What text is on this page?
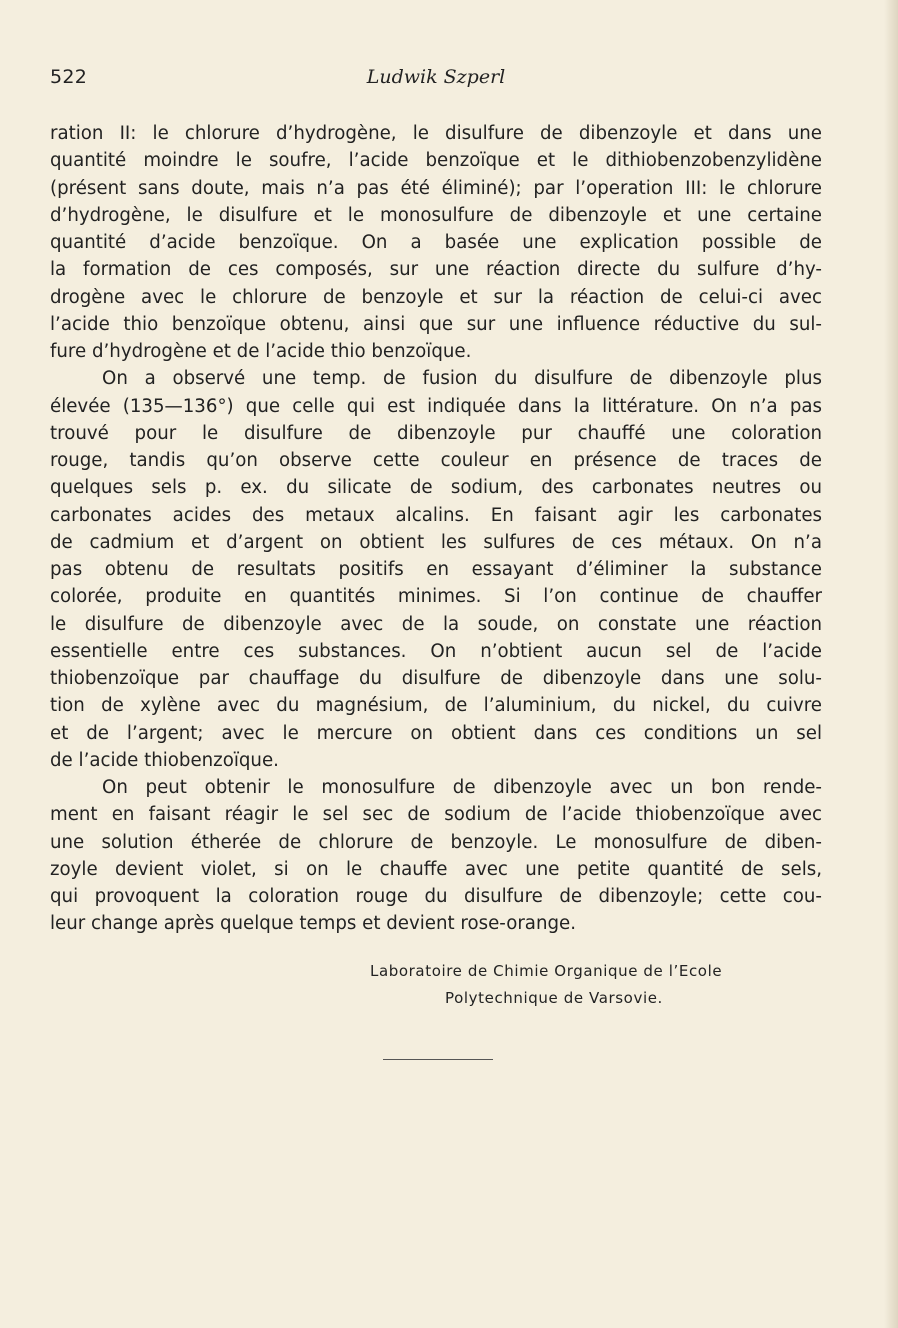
522	Ludwik Szperl
ration II: le chlorure d’hydrogène, le disulfure de dibenzoyle et dans une
quantité moindre le soufre, l’acide benzoïque et le dithiobenzobenzylidène
(présent sans doute, mais n’a pas été éliminé); par l’operation III: le chlorure
d’hydrogène, le disulfure et le monosulfure de dibenzoyle et une certaine
quantité d’acide benzoïque. On a basée une explication possible de
la formation de ces composés, sur une réaction directe du sulfure d’hy-
drogène avec le chlorure de benzoyle et sur la réaction de celui-ci avec
l’acide thio benzoïque obtenu, ainsi que sur une influence réductive du sul-
fure d’hydrogène et de l’acide thio benzoïque.
On a observé une temp. de fusion du disulfure de dibenzoyle plus
élevée (135—136°) que celle qui est indiquée dans la littérature. On n’a pas
trouvé pour le disulfure de dibenzoyle pur chauffé une coloration
rouge, tandis qu’on observe cette couleur en présence de traces de
quelques sels p. ex. du silicate de sodium, des carbonates neutres ou
carbonates acides des metaux alcalins. En faisant agir les carbonates
de cadmium et d’argent on obtient les sulfures de ces métaux. On n’a
pas obtenu de resultats positifs en essayant d’éliminer la substance
colorée, produite en quantités minimes. Si l’on continue de chauffer
le disulfure de dibenzoyle avec de la soude, on constate une réaction
essentielle entre ces substances. On n’obtient aucun sel de l’acide
thiobenzoïque par chauffage du disulfure de dibenzoyle dans une solu-
tion de xylène avec du magnésium, de l’aluminium, du nickel, du cuivre
et de l’argent; avec le mercure on obtient dans ces conditions un sel
de l’acide thiobenzoïque.
On peut obtenir le monosulfure de dibenzoyle avec un bon rende-
ment en faisant réagir le sel sec de sodium de l’acide thiobenzoïque avec
une solution étherée de chlorure de benzoyle. Le monosulfure de diben-
zoyle devient violet, si on le chauffe avec une petite quantité de sels,
qui provoquent la coloration rouge du disulfure de dibenzoyle; cette cou-
leur change après quelque temps et devient rose-orange.
Laboratoire de Chimie Organique de l’Ecole
Polytechnique de Varsovie.
